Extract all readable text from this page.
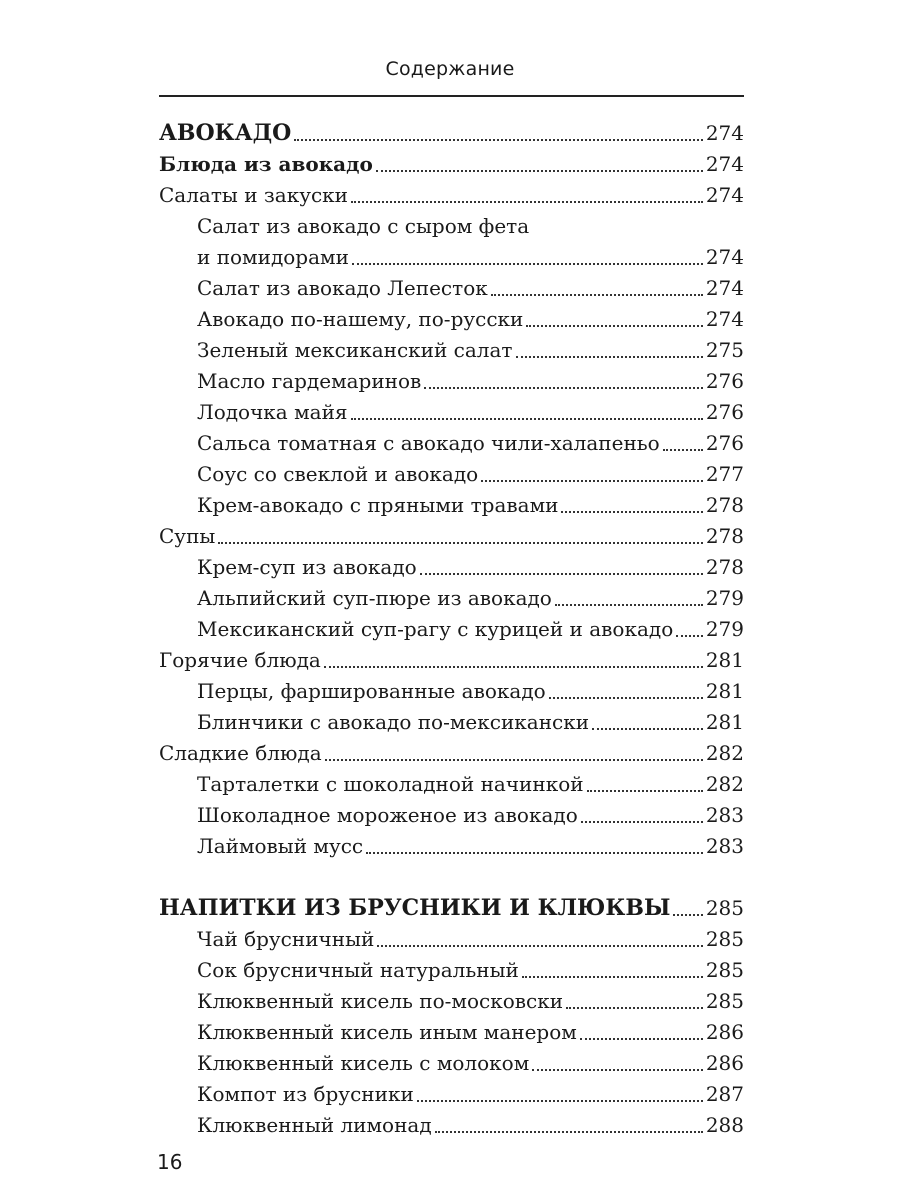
Содержание
АВОКАДО	274
Блюда из авокадо	274
Салаты и закуски	274
Салат из авокадо с сыром фета
и помидорами	274
Салат из авокадо Лепесток	274
Авокадо по-нашему, по-русски	274
Зеленый мексиканский салат	275
Масло гардемаринов	276
Лодочка майя	276
Сальса томатная с авокадо чили-халапеньо 276
Соус со свеклой и авокадо	277
Крем-авокадо с пряными травами	278
Супы	278
Крем-суп из авокадо	278
Альпийский суп-пюре из авокадо	279
Мексиканский суп-рагу с курицей и авокадо 279
Горячие блюда	281
Перцы, фаршированные авокадо	281
Блинчики с авокадо по-мексикански	281
Сладкие блюда	282
Тарталетки с шоколадной начинкой	282
Шоколадное мороженое из авокадо	283
Лаймовый мусс	283
НАПИТКИ ИЗ БРУСНИКИ И КЛЮКВЫ 285
Чай брусничный	285
Сок брусничный натуральный	285
Клюквенный кисель по-московски	285
Клюквенный кисель иным манером	286
Клюквенный кисель с молоком	286
Компот из брусники	287
Клюквенный лимонад	288
16
